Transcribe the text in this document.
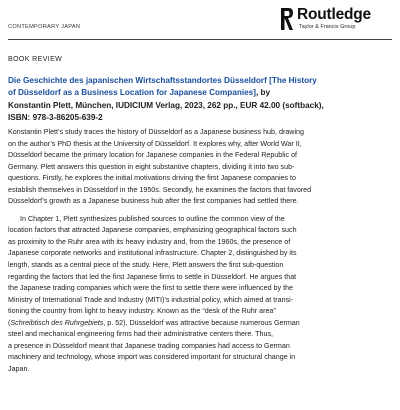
CONTEMPORARY JAPAN
Routledge
Taylor & Francis Group
BOOK REVIEW
Die Geschichte des japanischen Wirtschaftsstandortes Düsseldorf [The History
of Düsseldorf as a Business Location for Japanese Companies], by
Konstantin Plett, München, IUDICIUM Verlag, 2023, 262 pp., EUR 42.00 (softback),
ISBN: 978-3-86205-639-2
Konstantin Plett’s study traces the history of Düsseldorf as a Japanese business hub, drawing
on the author’s PhD thesis at the University of Düsseldorf. It explores why, after World War II,
Düsseldorf became the primary location for Japanese companies in the Federal Republic of
Germany. Plett answers this question in eight substantive chapters, dividing it into two sub-
questions. Firstly, he explores the initial motivations driving the first Japanese companies to
establish themselves in Düsseldorf in the 1950s. Secondly, he examines the factors that favored
Düsseldorf’s growth as a Japanese business hub after the first companies had settled there.
In Chapter 1, Plett synthesizes published sources to outline the common view of the
location factors that attracted Japanese companies, emphasizing geographical factors such
as proximity to the Ruhr area with its heavy industry and, from the 1960s, the presence of
Japanese corporate networks and institutional infrastructure. Chapter 2, distinguished by its
length, stands as a central piece of the study. Here, Plett answers the first sub-question
regarding the factors that led the first Japanese firms to settle in Düsseldorf. He argues that
the Japanese trading companies which were the first to settle there were influenced by the
Ministry of International Trade and Industry (MITI)’s industrial policy, which aimed at transi-
tioning the country from light to heavy industry. Known as the “desk of the Ruhr area”
(Schreibtisch des Ruhrgebiets, p. 52), Düsseldorf was attractive because numerous German
steel and mechanical engineering firms had their administrative centers there. Thus,
a presence in Düsseldorf meant that Japanese trading companies had access to German
machinery and technology, whose import was considered important for structural change in
Japan.
